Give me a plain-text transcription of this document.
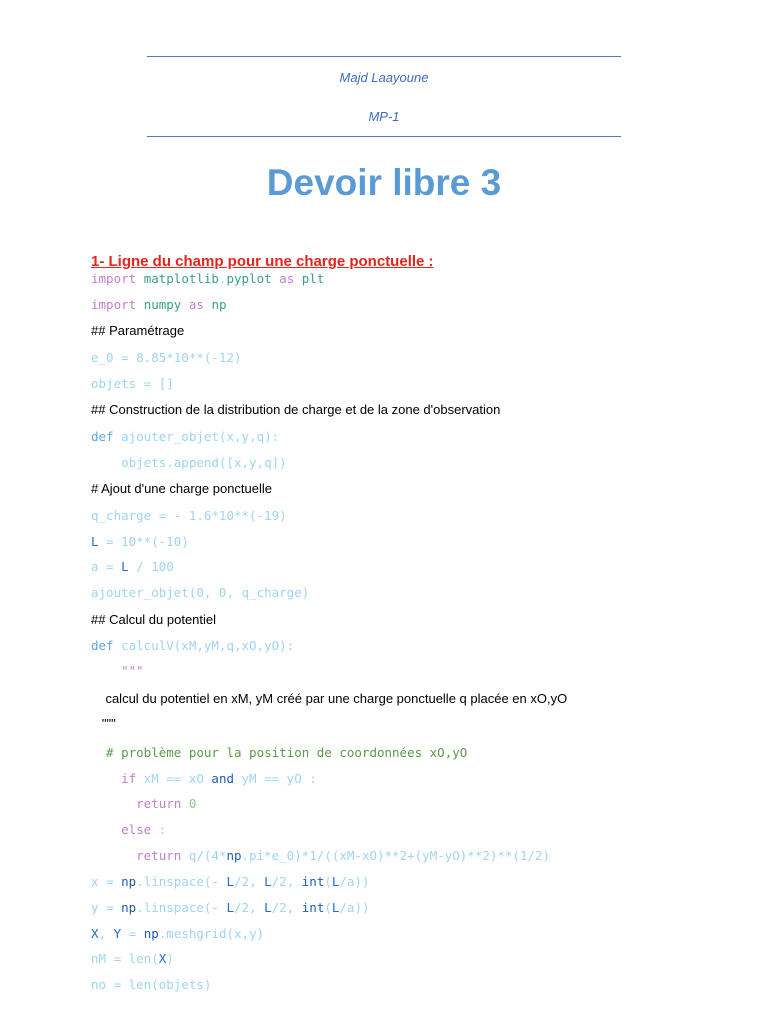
Majd Laayoune
MP-1
Devoir libre 3
1- Ligne du champ pour une charge ponctuelle :
import matplotlib.pyplot as plt
import numpy as np
## Paramétrage
e_0 = 8.85*10**(-12)
objets = []
## Construction de la distribution de charge et de la zone d'observation
def ajouter_objet(x,y,q):
objets.append([x,y,q])
# Ajout d'une charge ponctuelle
q_charge = - 1.6*10**(-19)
L = 10**(-10)
a = L / 100
ajouter_objet(0, 0, q_charge)
## Calcul du potentiel
def calculV(xM,yM,q,xO,yO):
"""
calcul du potentiel en xM, yM créé par une charge ponctuelle q placée en xO,yO
"""
# problème pour la position de coordonnées xO,yO
if xM == xO and yM == yO :
return 0
else :
return q/(4*np.pi*e_0)*1/((xM-xO)**2+(yM-yO)**2)**(1/2)
x = np.linspace(- L/2, L/2, int(L/a))
y = np.linspace(- L/2, L/2, int(L/a))
X, Y = np.meshgrid(x,y)
nM = len(X)
no = len(objets)
